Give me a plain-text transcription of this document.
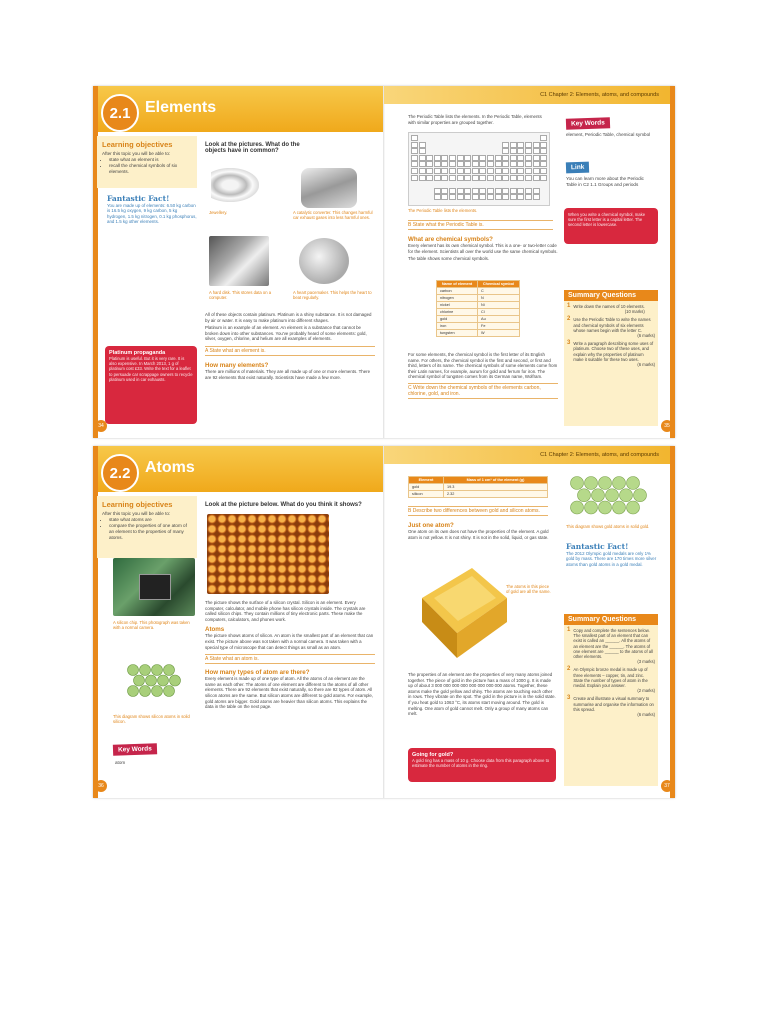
2.1 Elements
Learning objectives
After this topic you will be able to:
• state what an element is
• recall the chemical symbols of six elements.
Fantastic Fact!
You are made up of elements: 6.50 kg carbon is 16.5 kg oxygen, 9 kg carbon, 5 kg hydrogen, 1.5 kg nitrogen, 0.1 kg phosphorus, and 1.5 kg other elements.
Platinum propaganda
Platinum is useful. But it is very rare. It is also expensive. In March 2013, 1 g of platinum cost £33. Write the text for a leaflet to persuade car scrappage owners to recycle platinum used in car exhausts.
Look at the pictures. What do the objects have in common?
Jewellery.	A catalytic converter. This changes harmful car exhaust gases into less harmful ones.
A hard disk. This stores data on a computer.
A heart pacemaker. This helps the heart to beat regularly.
All of these objects contain platinum. Platinum is a shiny substance. It is not damaged by air or water. It is easy to make platinum into different shapes.
Platinum is an example of an element. An element is a substance that cannot be broken down into other substances. You've probably heard of some elements: gold, silver, oxygen, chlorine, and helium are all examples of elements.
A State what an element is.
How many elements?
There are millions of materials. They are all made up of one or more elements. There are 92 elements that exist naturally. Scientists have made a few more.
34
C1 Chapter 2: Elements, atoms, and compounds
The Periodic Table lists the elements. In the Periodic Table, elements with similar properties are grouped together.
The Periodic Table lists the elements.
B State what the Periodic Table is.
What are chemical symbols?
Every element has its own chemical symbol. This is a one- or two-letter code for the element. Scientists all over the world use the same chemical symbols.
The table shows some chemical symbols.
Name of element	Chemical symbol
carbon	C
nitrogen	N
nickel	Ni
chlorine	Cl
gold	Au
iron	Fe
tungsten	W
For some elements, the chemical symbol is the first letter of its English name. For others, the chemical symbol is the first and second, or first and third, letters of its name. The chemical symbols of some elements come from their Latin names, for example, aurum for gold and ferrum for iron. The chemical symbol of tungsten comes from its German name, Wolfram.
C Write down the chemical symbols of the elements carbon, chlorine, gold, and iron.
Key Words
element, Periodic Table, chemical symbol
Link
You can learn more about the Periodic Table in C2 1.1 Groups and periods
When you write a chemical symbol, make sure the first letter is a capital letter. The second letter is lowercase.
Summary Questions
1 Write down the names of 10 elements.

(10 marks)
2 Use the Periodic Table to write the names and chemical symbols of six elements whose names begin with the letter C.

(6 marks)
3 Write a paragraph describing some uses of platinum. Choose two of these uses, and explain why the properties of platinum make it suitable for these two uses.

(6 marks)
35
2.2 Atoms
Learning objectives
After this topic you will be able to:
• state what atoms are
• compare the properties of one atom of an element to the properties of many atoms.
A silicon chip. This photograph was taken with a normal camera.
This diagram shows silicon atoms in solid silicon.
Key Words
atom
Look at the picture below. What do you think it shows?
The picture shows the surface of a silicon crystal. Silicon is an element. Every computer, calculator, and mobile phone has silicon crystals inside. The crystals are called silicon chips. They contain millions of tiny electronic parts. These make the computers, calculators, and phones work.
Atoms
The picture shows atoms of silicon. An atom is the smallest part of an element that can exist. The picture above was not taken with a normal camera. It was taken with a special type of microscope that can detect things as small as an atom.
A State what an atom is.
How many types of atom are there?
Every element is made up of one type of atom. All the atoms of an element are the same as each other. The atoms of one element are different to the atoms of all other elements. There are 92 elements that exist naturally, so there are 92 types of atom. All silicon atoms are the same. But silicon atoms are different to gold atoms. For example, gold atoms are bigger. Gold atoms are heavier than silicon atoms. This explains the data in the table on the next page.
36
C1 Chapter 2: Elements, atoms, and compounds
Element	Mass of 1 cm³ of the element (g)
gold	19.3
silicon	2.32
B Describe two differences between gold and silicon atoms.
Just one atom?
One atom on its own does not have the properties of the element. A gold atom is not yellow. It is not shiny. It is not in the solid, liquid, or gas state.
The atoms in this piece of gold are all the same.
The properties of an element are the properties of very many atoms joined together. The piece of gold in the picture has a mass of 1000 g. It is made up of about 3 000 000 000 000 000 000 000 000 atoms. Together, these atoms make the gold yellow and shiny. The atoms are touching each other in rows. They vibrate on the spot. The gold in the picture is in the solid state. If you heat gold to 1063 °C, its atoms start moving around. The gold is melting. One atom of gold cannot melt. Only a group of many atoms can melt.
Going for gold?
A gold ring has a mass of 10 g. Choose data from this paragraph above to estimate the number of atoms in the ring.
This diagram shows gold atoms in solid gold.
Fantastic Fact!
The 2012 Olympic gold medals are only 1% gold by mass. There are 170 times more silver atoms than gold atoms in a gold medal.
Summary Questions
1 Copy and complete the sentences below. The smallest part of an element that can exist is called an ______. All the atoms of an element are the ______. The atoms of one element are ______ to the atoms of all other elements.

(3 marks)
2 An Olympic bronze medal is made up of three elements – copper, tin, and zinc. State the number of types of atom in the medal. Explain your answer.

(2 marks)
3 Create and illustrate a visual summary to summarise and organise the information on this spread.

(6 marks)
37
